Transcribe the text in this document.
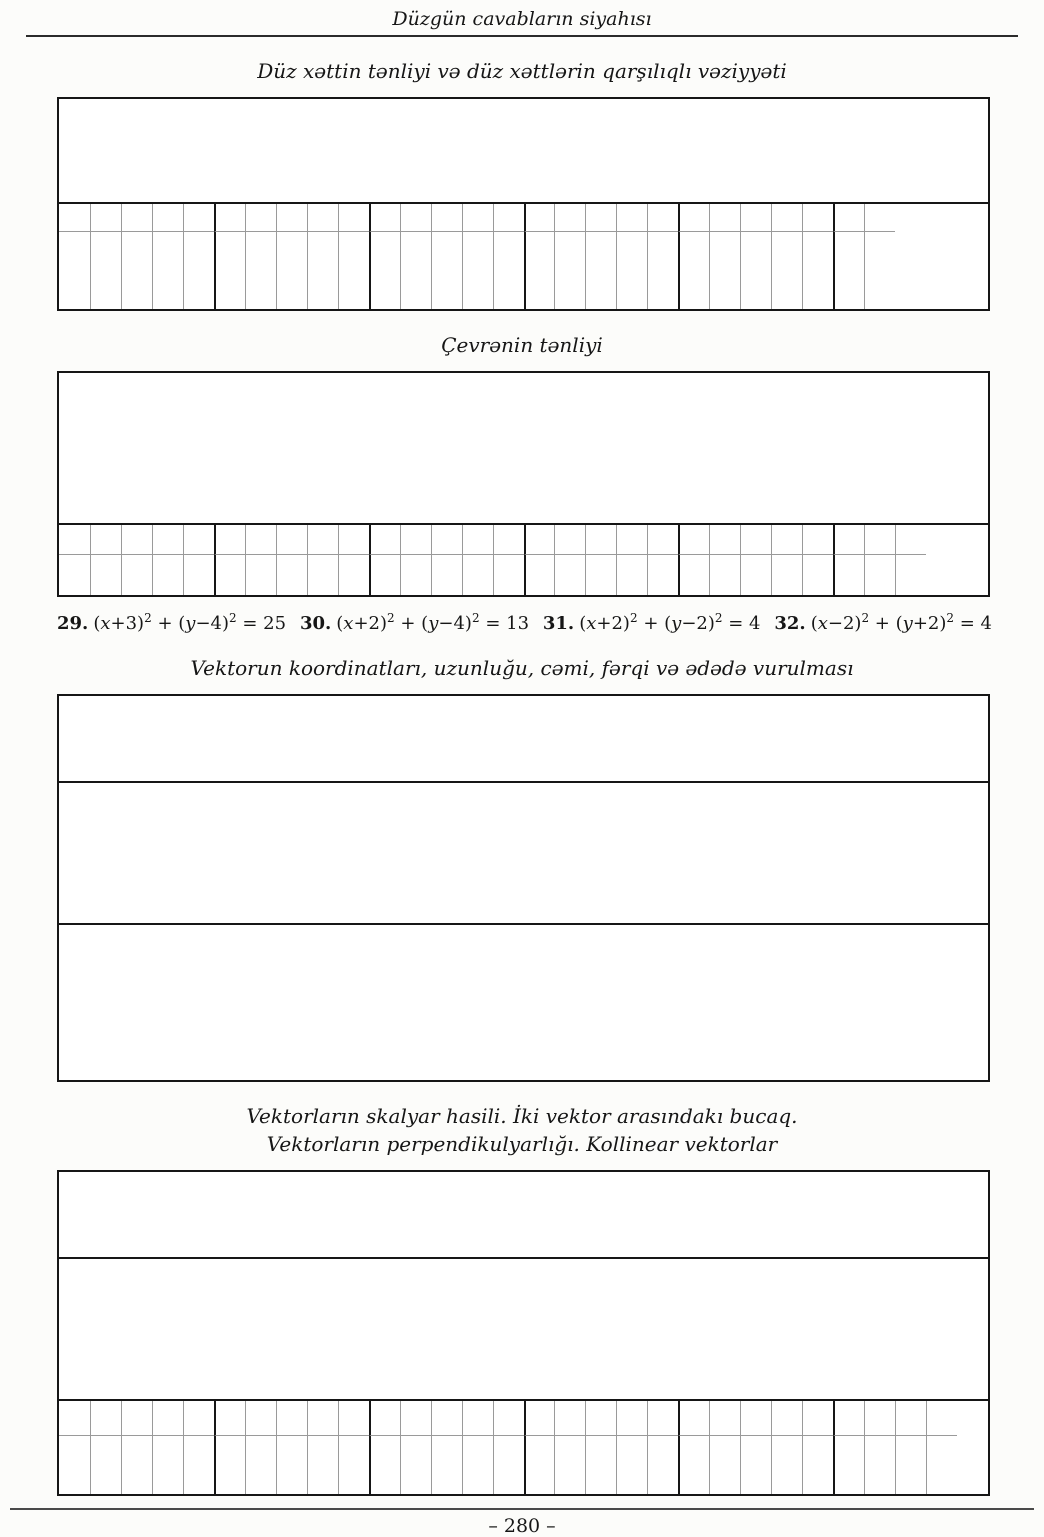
Düzgün cavabların siyahısı
Düz xəttin tənliyi və düz xəttlərin qarşılıqlı vəziyyəti
Çevrənin tənliyi
29. $(x+3)^2 + (y-4)^2 = 25$ 30. $(x+2)^2 + (y-4)^2 = 13$ 31. $(x+2)^2 + (y-2)^2 = 4$ 32. $(x-2)^2 + (y+2)^2 = 4$
Vektorun koordinatları, uzunluğu, cəmi, fərqi və ədədə vurulması
Vektorların skalyar hasili. İki vektor arasındakı bucaq.
Vektorların perpendikulyarlığı. Kollinear vektorlar
– 280 –
